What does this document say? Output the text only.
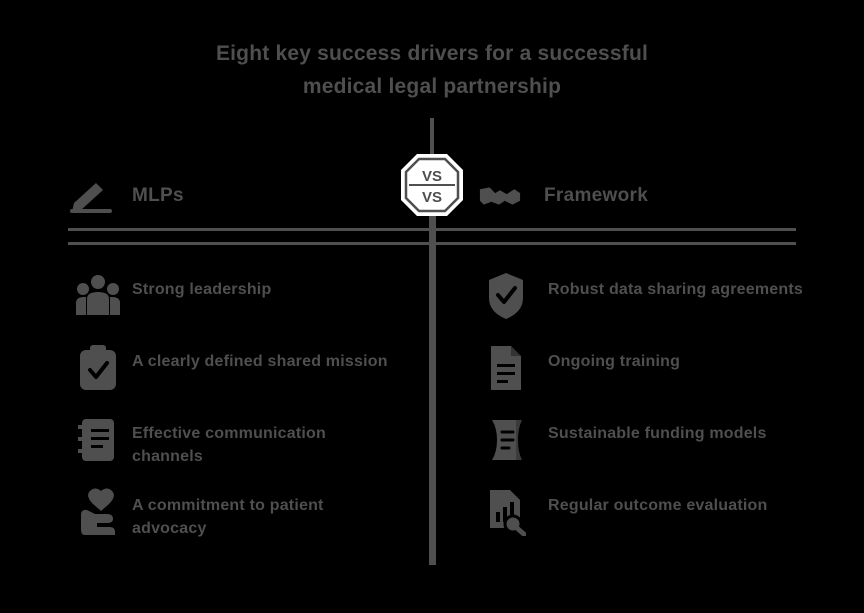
Eight key success drivers for a successful
medical legal partnership
VS
VS
MLPs	Framework
Strong leadership
A clearly defined shared mission
Effective communication channels
A commitment to patient advocacy
Robust data sharing agreements
Ongoing training
Sustainable funding models
Regular outcome evaluation
